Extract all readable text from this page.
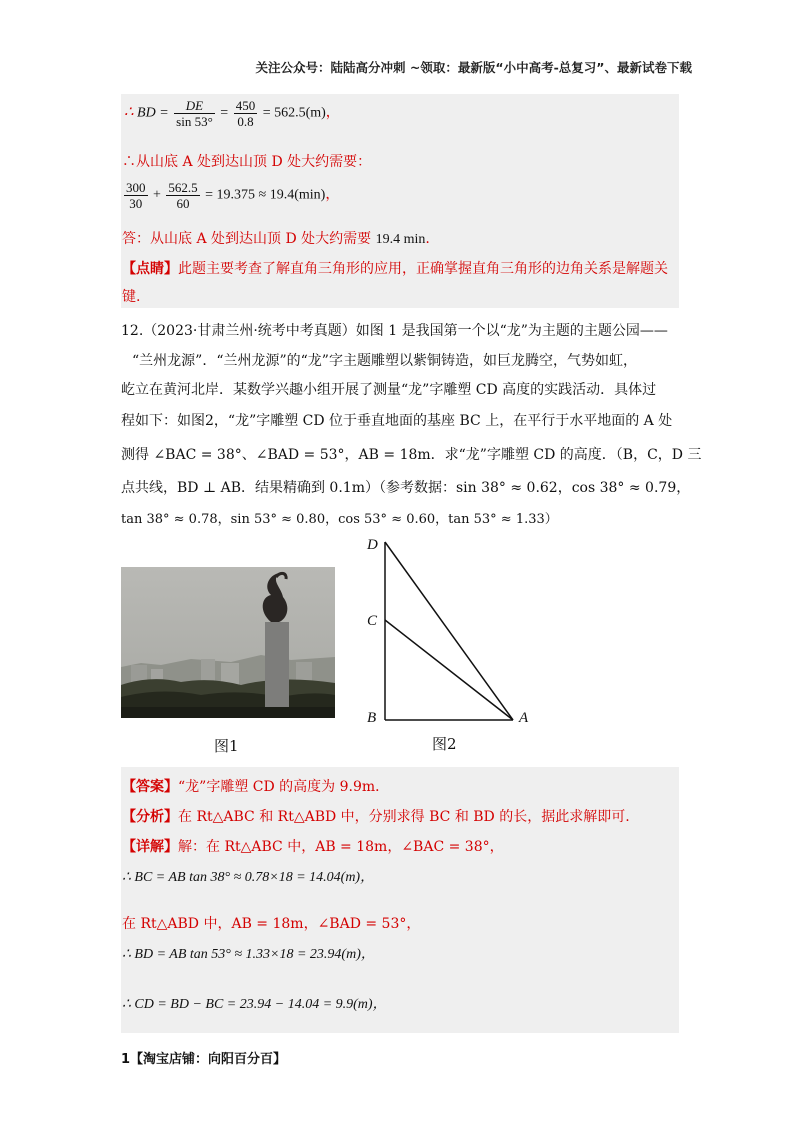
关注公众号：陆陆高分冲刺 ~领取：最新版“小中高考-总复习”、最新试卷下载
∴ BD = $\frac{DE}{\sin 53^\circ} = \frac{450}{0.8} = 562.5(m)$，
∴从山底 A 处到达山顶 D 处大约需要：
$\frac{300}{30} + \frac{562.5}{60} = 19.375 \approx 19.4(\min)$，
答：从山底 A 处到达山顶 D 处大约需要 19.4 min.
【点睛】此题主要考查了解直角三角形的应用，正确掌握直角三角形的边角关系是解题关
键.
12.（2023·甘肃兰州·统考中考真题）如图 1 是我国第一个以“龙”为主题的主题公园——
“兰州龙源”．“兰州龙源”的“龙”字主题雕塑以紫铜铸造，如巨龙腾空，气势如虹，
屹立在黄河北岸．某数学兴趣小组开展了测量“龙”字雕塑 CD 高度的实践活动．具体过
程如下：如图2，“龙”字雕塑 CD 位于垂直地面的基座 BC 上，在平行于水平地面的 A 处
测得 ∠BAC = 38°、∠BAD = 53°，AB = 18m．求“龙”字雕塑 CD 的高度．（B，C，D 三
点共线，BD ⊥ AB．结果精确到 0.1m）（参考数据：sin 38° ≈ 0.62，cos 38° ≈ 0.79，
tan 38° ≈ 0.78，sin 53° ≈ 0.80，cos 53° ≈ 0.60，tan 53° ≈ 1.33）
图1
D
C
B	A
图2
【答案】“龙”字雕塑 CD 的高度为 9.9m．
【分析】在 Rt△ABC 和 Rt△ABD 中，分别求得 BC 和 BD 的长，据此求解即可.
【详解】解：在 Rt△ABC 中，AB = 18m，∠BAC = 38°，
∴ BC = AB tan 38° ≈ 0.78×18 = 14.04(m)，
在 Rt△ABD 中，AB = 18m，∠BAD = 53°，
∴ BD = AB tan 53° ≈ 1.33×18 = 23.94(m)，
∴ CD = BD − BC = 23.94 − 14.04 = 9.9(m)，
1【淘宝店铺：向阳百分百】
